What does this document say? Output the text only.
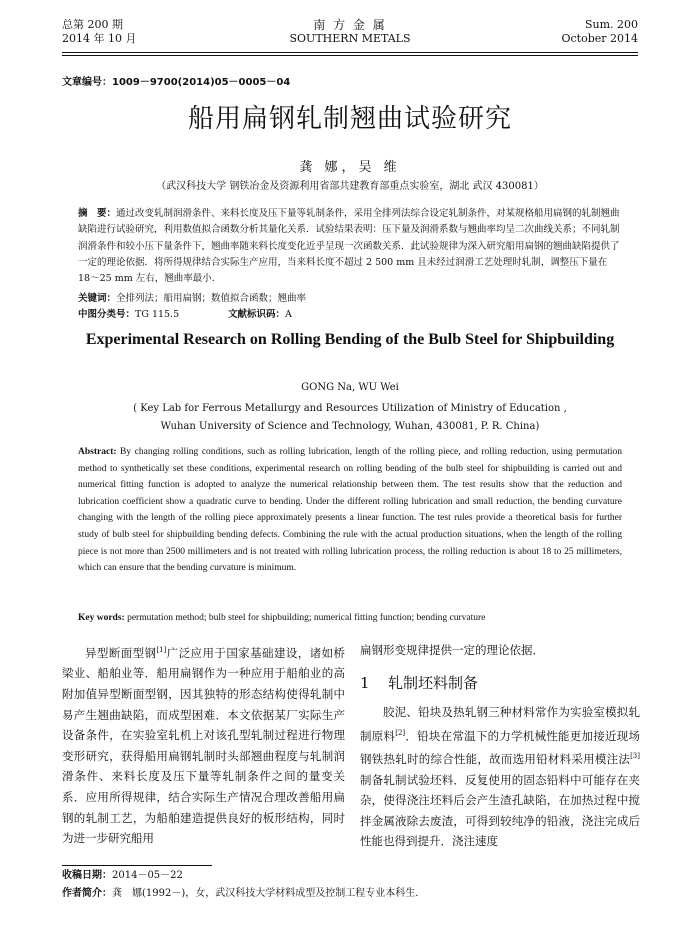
总第 200 期
2014 年 10 月
南 方 金 属
SOUTHERN METALS
Sum. 200
October 2014
文章编号：1009－9700(2014)05－0005－04
船用扁钢轧制翘曲试验研究
龚 娜，吴 维
（武汉科技大学 钢铁冶金及资源利用省部共建教育部重点实验室，湖北 武汉 430081）
摘　要：通过改变轧制润滑条件、来料长度及压下量等轧制条件，采用全排列法综合设定轧制条件，对某规格船用扁钢的轧制翘曲缺陷进行试验研究，利用数值拟合函数分析其量化关系．试验结果表明：压下量及润滑系数与翘曲率均呈二次曲线关系；不同轧制润滑条件和较小压下量条件下，翘曲率随来料长度变化近乎呈现一次函数关系．此试验规律为深入研究船用扁钢的翘曲缺陷提供了一定的理论依据．将所得规律结合实际生产应用，当来料长度不超过 2 500 mm 且未经过润滑工艺处理时轧制，调整压下量在 18～25 mm 左右，翘曲率最小．
关键词：全排列法；船用扁钢；数值拟合函数；翘曲率
中图分类号：TG 115.5	文献标识码：A
Experimental Research on Rolling Bending of the Bulb Steel for Shipbuilding
GONG Na, WU Wei
( Key Lab for Ferrous Metallurgy and Resources Utilization of Ministry of Education ,
Wuhan University of Science and Technology, Wuhan, 430081, P. R. China)
Abstract: By changing rolling conditions, such as rolling lubrication, length of the rolling piece, and rolling reduction, using permutation method to synthetically set these conditions, experimental research on rolling bending of the bulb steel for shipbuilding is carried out and numerical fitting function is adopted to analyze the numerical relationship between them. The test results show that the reduction and lubrication coefficient show a quadratic curve to bending. Under the different rolling lubrication and small reduction, the bending curvature changing with the length of the rolling piece approximately presents a linear function. The test rules provide a theoretical basis for further study of bulb steel for shipbuilding bending defects. Combining the rule with the actual production situations, when the length of the rolling piece is not more than 2500 millimeters and is not treated with rolling lubrication process, the rolling reduction is about 18 to 25 millimeters, which can ensure that the bending curvature is minimum.
Key words: permutation method; bulb steel for shipbuilding; numerical fitting function; bending curvature

异型断面型钢[1]广泛应用于国家基础建设，诸如桥梁业、船舶业等．船用扁钢作为一种应用于船舶业的高附加值异型断面型钢，因其独特的形态结构使得轧制中易产生翘曲缺陷，而成型困难．本文依据某厂实际生产设备条件，在实验室轧机上对该孔型轧制过程进行物理变形研究，获得船用扁钢轧制时头部翘曲程度与轧制润滑条件、来料长度及压下量等轧制条件之间的量变关系．应用所得规律，结合实际生产情况合理改善船用扁钢的轧制工艺，为船舶建造提供良好的板形结构，同时为进一步研究船用

扁钢形变规律提供一定的理论依据．

1 轧制坯料制备

胶泥、铅块及热轧钢三种材料常作为实验室模拟轧制原料[2]．铅块在常温下的力学机械性能更加接近现场钢铁热轧时的综合性能，故而选用铅材料采用模注法[3]制备轧制试验坯料．反复使用的固态铅料中可能存在夹杂，使得浇注坯料后会产生渣孔缺陷，在加热过程中搅拌金属液除去废渣，可得到较纯净的铅液，浇注完成后性能也得到提升．浇注速度

收稿日期：2014－05－22
作者简介：龚　娜(1992－)，女，武汉科技大学材料成型及控制工程专业本科生．
